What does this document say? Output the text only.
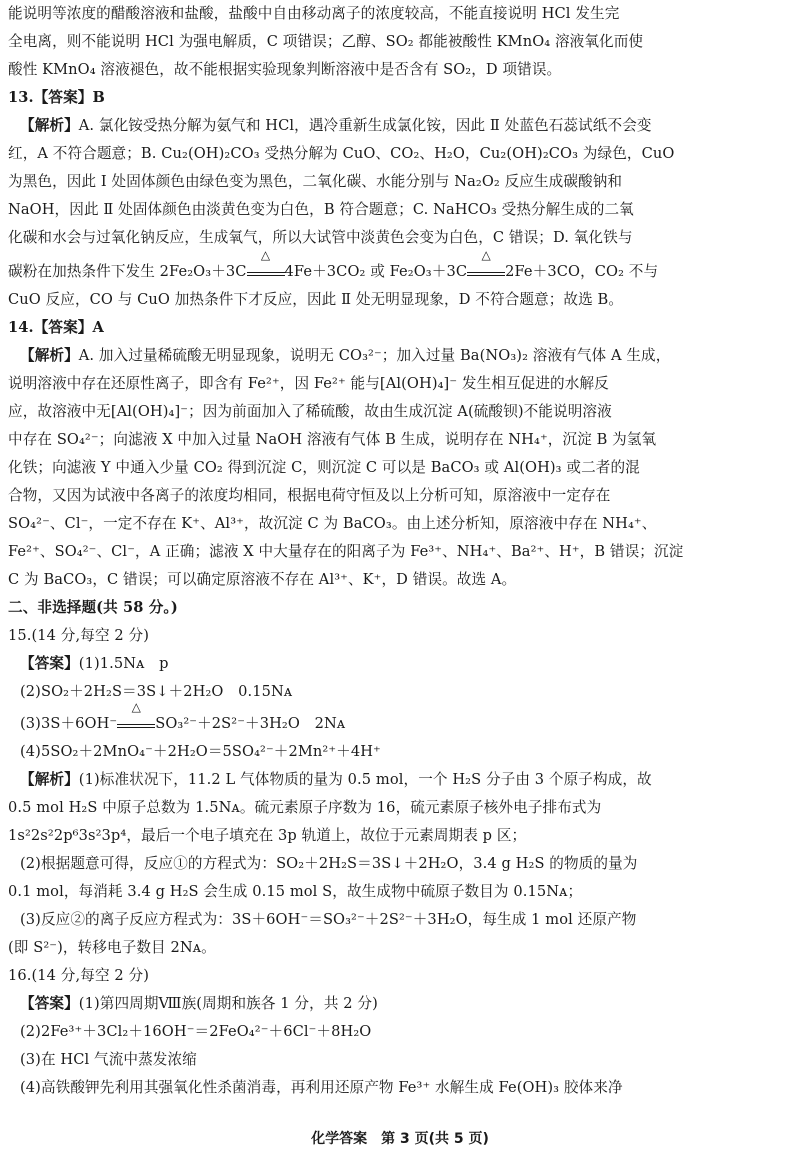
能说明等浓度的醋酸溶液和盐酸，盐酸中自由移动离子的浓度较高，不能直接说明 HCl 发生完
全电离，则不能说明 HCl 为强电解质，C 项错误；乙醇、SO₂ 都能被酸性 KMnO₄ 溶液氧化而使
酸性 KMnO₄ 溶液褪色，故不能根据实验现象判断溶液中是否含有 SO₂，D 项错误。
13.【答案】B
【解析】A. 氯化铵受热分解为氨气和 HCl，遇冷重新生成氯化铵，因此 Ⅱ 处蓝色石蕊试纸不会变
红，A 不符合题意；B. Cu₂(OH)₂CO₃ 受热分解为 CuO、CO₂、H₂O，Cu₂(OH)₂CO₃ 为绿色，CuO
为黑色，因此 Ⅰ 处固体颜色由绿色变为黑色，二氧化碳、水能分别与 Na₂O₂ 反应生成碳酸钠和
NaOH，因此 Ⅱ 处固体颜色由淡黄色变为白色，B 符合题意；C. NaHCO₃ 受热分解生成的二氧
化碳和水会与过氧化钠反应，生成氧气，所以大试管中淡黄色会变为白色，C 错误；D. 氧化铁与
碳粉在加热条件下发生 2Fe₂O₃＋3C
△
4Fe＋3CO₂ 或 Fe₂O₃＋3C
△
2Fe＋3CO，CO₂ 不与
CuO 反应，CO 与 CuO 加热条件下才反应，因此 Ⅱ 处无明显现象，D 不符合题意；故选 B。
14.【答案】A
【解析】A. 加入过量稀硫酸无明显现象，说明无 CO₃²⁻；加入过量 Ba(NO₃)₂ 溶液有气体 A 生成，
说明溶液中存在还原性离子，即含有 Fe²⁺，因 Fe²⁺ 能与[Al(OH)₄]⁻ 发生相互促进的水解反
应，故溶液中无[Al(OH)₄]⁻；因为前面加入了稀硫酸，故由生成沉淀 A(硫酸钡)不能说明溶液
中存在 SO₄²⁻；向滤液 X 中加入过量 NaOH 溶液有气体 B 生成，说明存在 NH₄⁺，沉淀 B 为氢氧
化铁；向滤液 Y 中通入少量 CO₂ 得到沉淀 C，则沉淀 C 可以是 BaCO₃ 或 Al(OH)₃ 或二者的混
合物，又因为试液中各离子的浓度均相同，根据电荷守恒及以上分析可知，原溶液中一定存在
SO₄²⁻、Cl⁻，一定不存在 K⁺、Al³⁺，故沉淀 C 为 BaCO₃。由上述分析知，原溶液中存在 NH₄⁺、
Fe²⁺、SO₄²⁻、Cl⁻，A 正确；滤液 X 中大量存在的阳离子为 Fe³⁺、NH₄⁺、Ba²⁺、H⁺，B 错误；沉淀
C 为 BaCO₃，C 错误；可以确定原溶液不存在 Al³⁺、K⁺，D 错误。故选 A。
二、非选择题(共 58 分。)
15.(14 分,每空 2 分)
【答案】(1)1.5Nᴀ　p
(2)SO₂＋2H₂S＝3S↓＋2H₂O　0.15Nᴀ
(3)3S＋6OH⁻
△
SO₃²⁻＋2S²⁻＋3H₂O　2Nᴀ
(4)5SO₂＋2MnO₄⁻＋2H₂O＝5SO₄²⁻＋2Mn²⁺＋4H⁺
【解析】(1)标准状况下，11.2 L 气体物质的量为 0.5 mol，一个 H₂S 分子由 3 个原子构成，故
0.5 mol H₂S 中原子总数为 1.5Nᴀ。硫元素原子序数为 16，硫元素原子核外电子排布式为
1s²2s²2p⁶3s²3p⁴，最后一个电子填充在 3p 轨道上，故位于元素周期表 p 区；
(2)根据题意可得，反应①的方程式为：SO₂＋2H₂S＝3S↓＋2H₂O，3.4 g H₂S 的物质的量为
0.1 mol，每消耗 3.4 g H₂S 会生成 0.15 mol S，故生成物中硫原子数目为 0.15Nᴀ；
(3)反应②的离子反应方程式为：3S＋6OH⁻＝SO₃²⁻＋2S²⁻＋3H₂O，每生成 1 mol 还原产物
(即 S²⁻)，转移电子数目 2Nᴀ。
16.(14 分,每空 2 分)
【答案】(1)第四周期Ⅷ族(周期和族各 1 分，共 2 分)
(2)2Fe³⁺＋3Cl₂＋16OH⁻＝2FeO₄²⁻＋6Cl⁻＋8H₂O
(3)在 HCl 气流中蒸发浓缩
(4)高铁酸钾先利用其强氧化性杀菌消毒，再利用还原产物 Fe³⁺ 水解生成 Fe(OH)₃ 胶体来净
化学答案　第 3 页(共 5 页)
